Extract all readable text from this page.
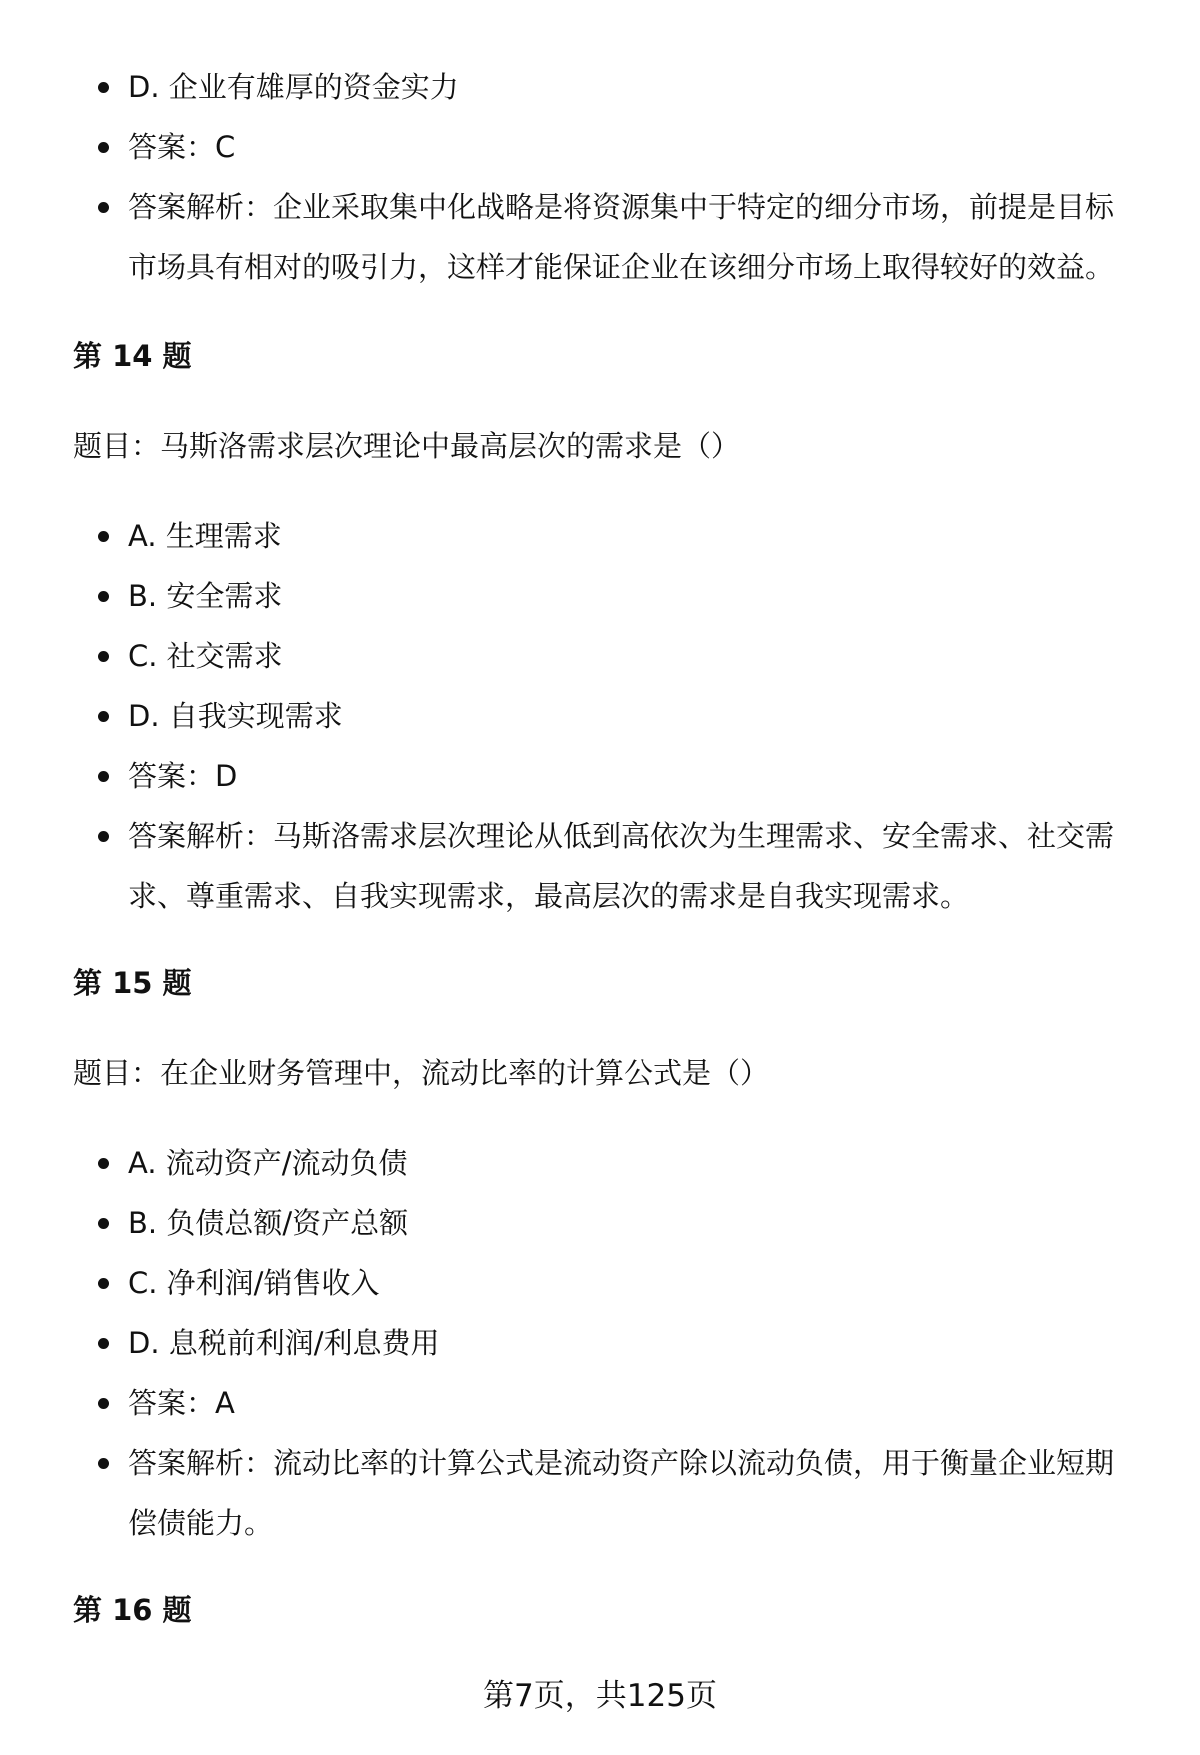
D. 企业有雄厚的资金实力
答案：C
答案解析：企业采取集中化战略是将资源集中于特定的细分市场，前提是目标市场具有相对的吸引力，这样才能保证企业在该细分市场上取得较好的效益。
第 14 题
题目：马斯洛需求层次理论中最高层次的需求是（）
A. 生理需求
B. 安全需求
C. 社交需求
D. 自我实现需求
答案：D
答案解析：马斯洛需求层次理论从低到高依次为生理需求、安全需求、社交需求、尊重需求、自我实现需求，最高层次的需求是自我实现需求。
第 15 题
题目：在企业财务管理中，流动比率的计算公式是（）
A. 流动资产/流动负债
B. 负债总额/资产总额
C. 净利润/销售收入
D. 息税前利润/利息费用
答案：A
答案解析：流动比率的计算公式是流动资产除以流动负债，用于衡量企业短期偿债能力。
第 16 题
第7页，共125页
